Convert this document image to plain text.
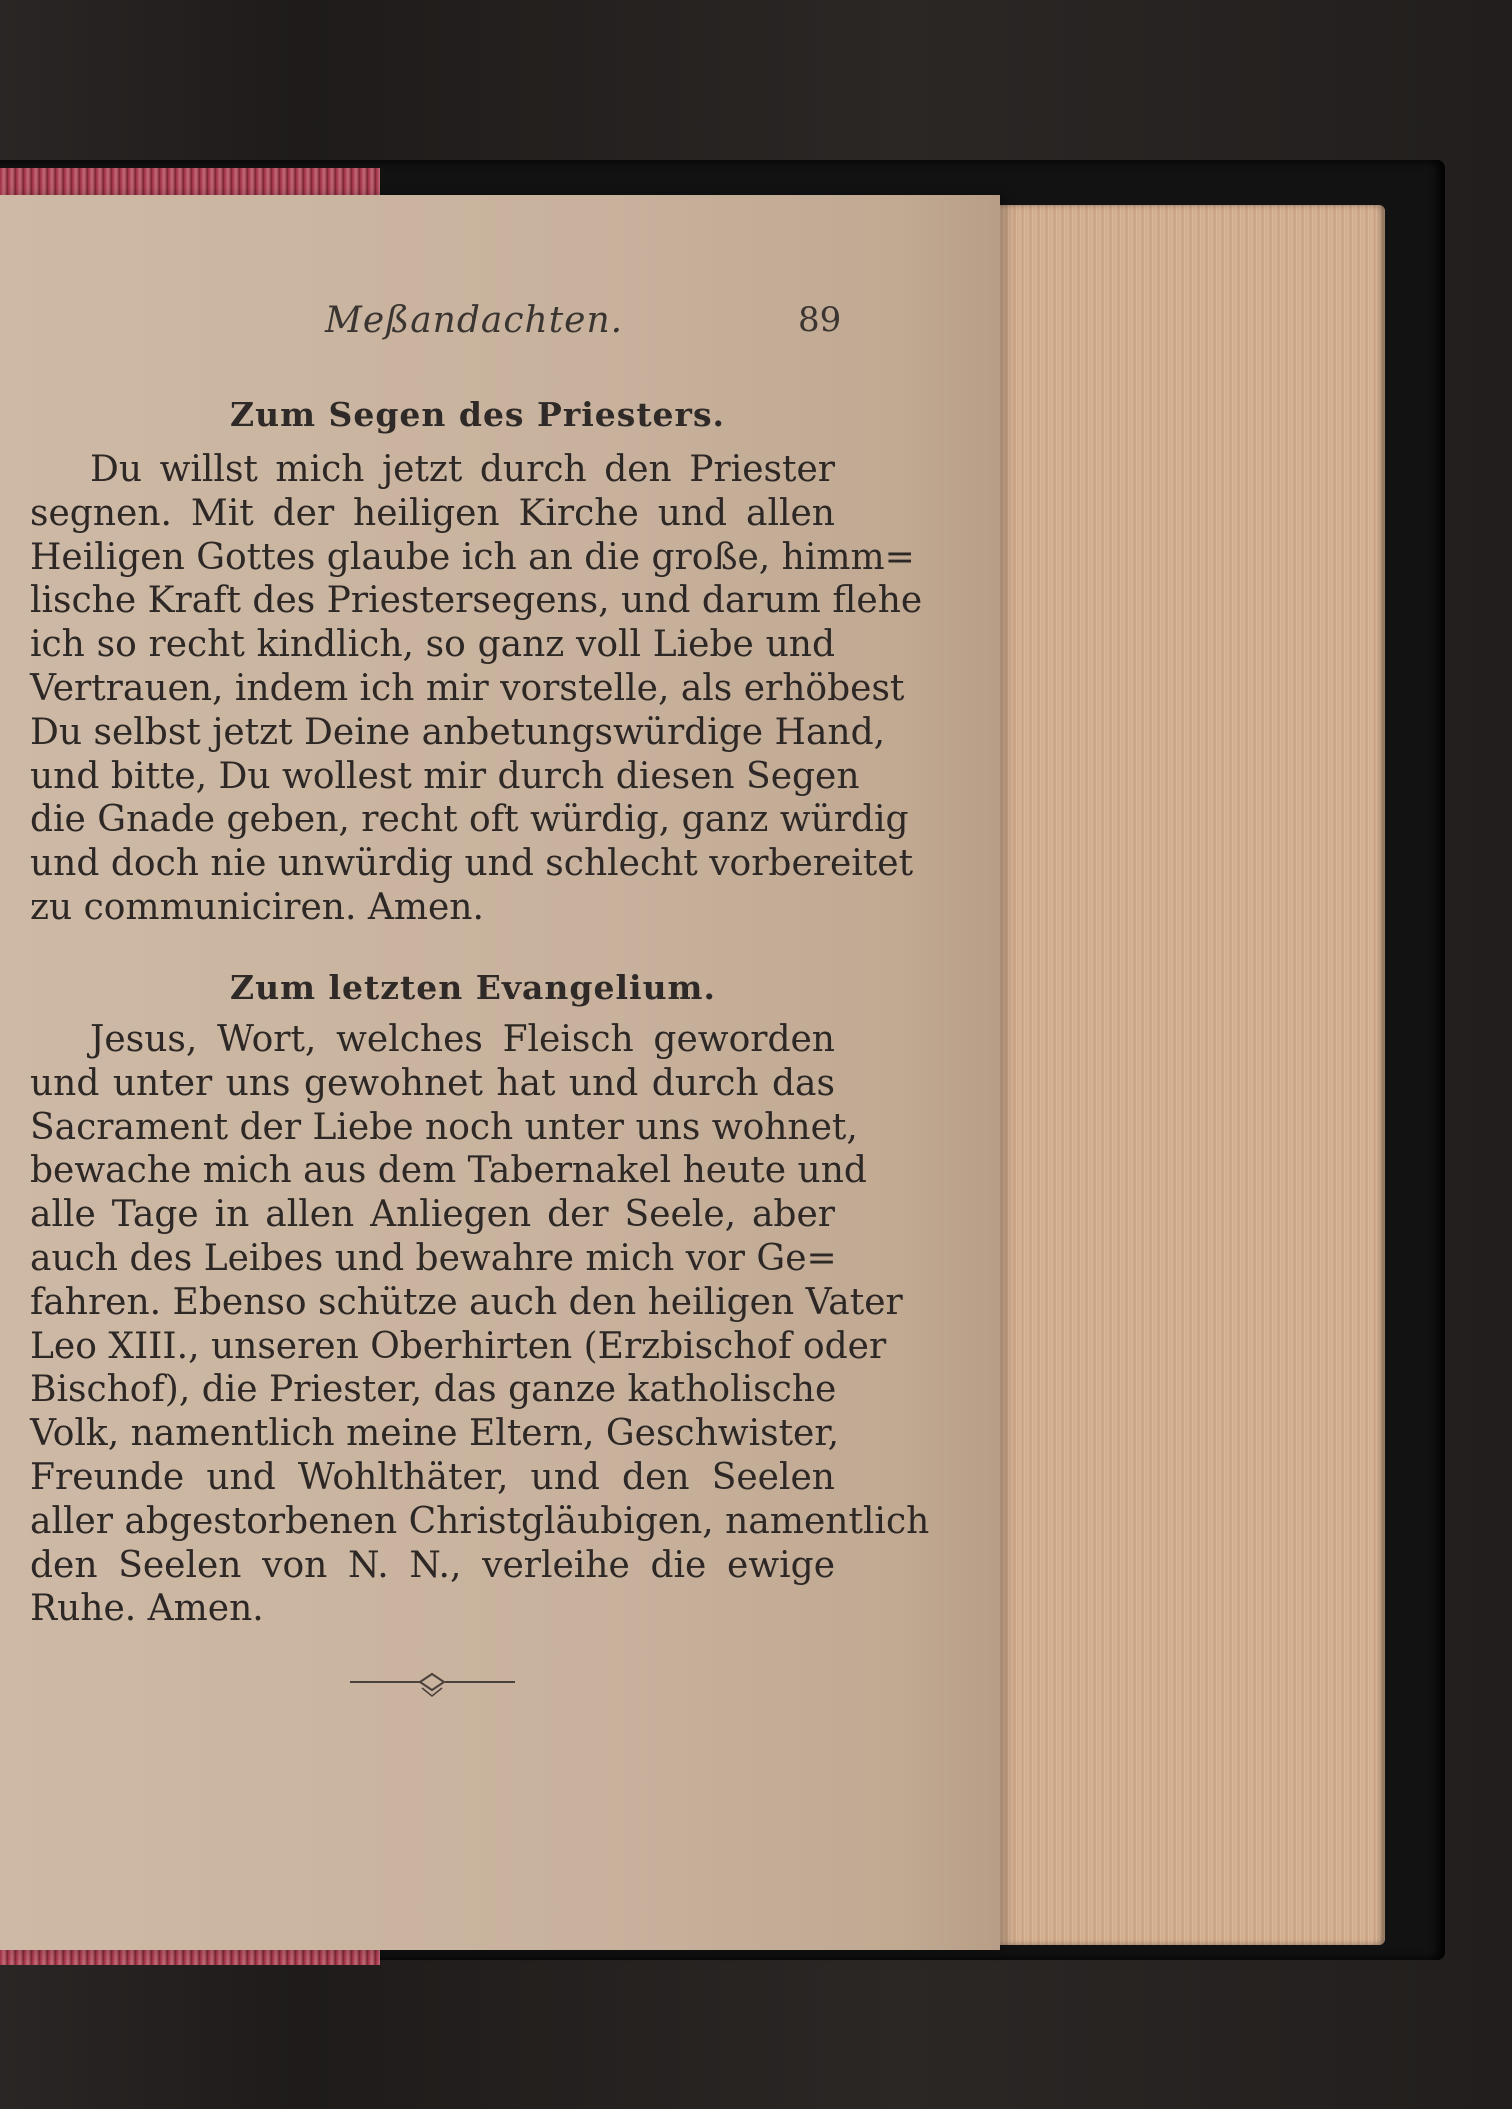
Meßandachten.	89
Zum Segen des Priesters.
Du willst mich jetzt durch den Priester
segnen. Mit der heiligen Kirche und allen
Heiligen Gottes glaube ich an die große, himm=
lische Kraft des Priestersegens, und darum flehe
ich so recht kindlich, so ganz voll Liebe und
Vertrauen, indem ich mir vorstelle, als erhöbest
Du selbst jetzt Deine anbetungswürdige Hand,
und bitte, Du wollest mir durch diesen Segen
die Gnade geben, recht oft würdig, ganz würdig
und doch nie unwürdig und schlecht vorbereitet
zu communiciren. Amen.
Zum letzten Evangelium.
Jesus, Wort, welches Fleisch geworden
und unter uns gewohnet hat und durch das
Sacrament der Liebe noch unter uns wohnet,
bewache mich aus dem Tabernakel heute und
alle Tage in allen Anliegen der Seele, aber
auch des Leibes und bewahre mich vor Ge=
fahren. Ebenso schütze auch den heiligen Vater
Leo XIII., unseren Oberhirten (Erzbischof oder
Bischof), die Priester, das ganze katholische
Volk, namentlich meine Eltern, Geschwister,
Freunde und Wohlthäter, und den Seelen
aller abgestorbenen Christgläubigen, namentlich
den Seelen von N. N., verleihe die ewige
Ruhe. Amen.
